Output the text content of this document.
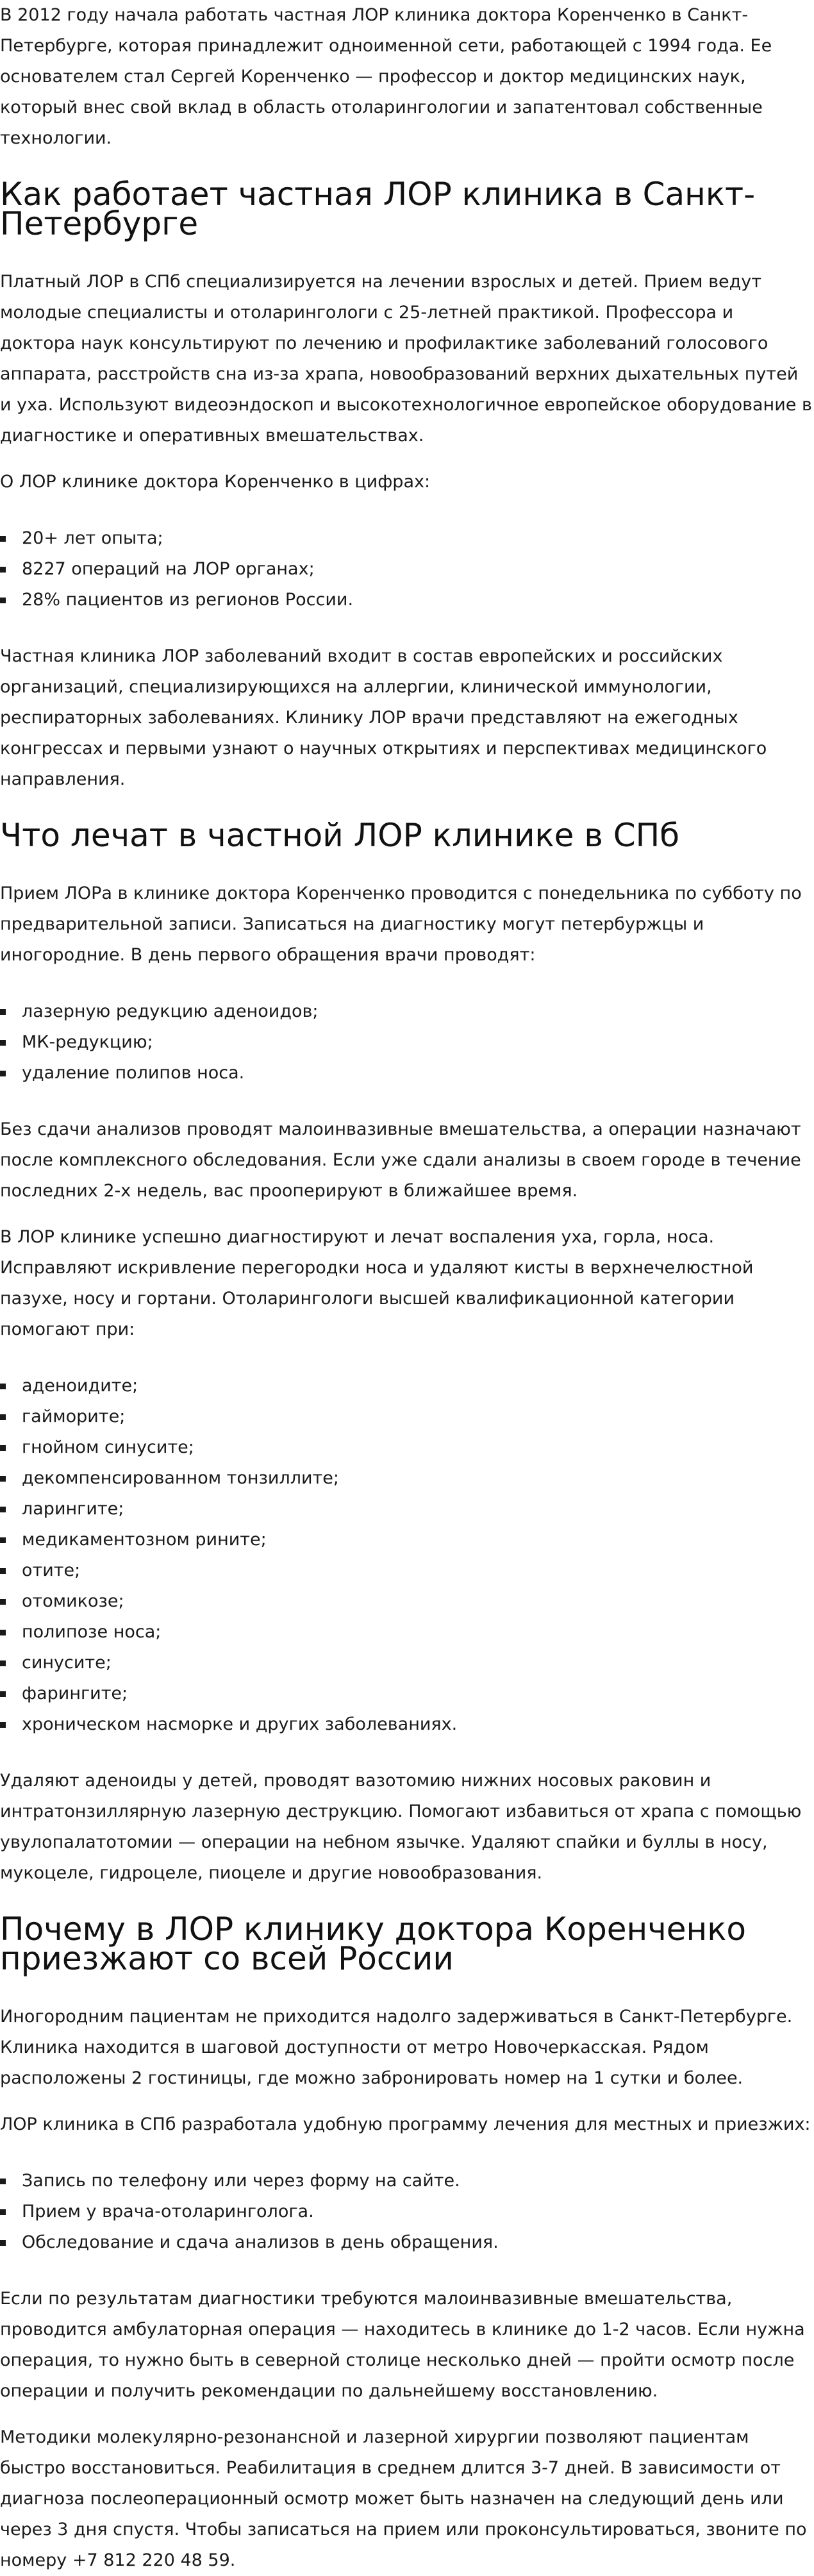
В 2012 году начала работать частная ЛОР клиника доктора Коренченко в Санкт-Петербурге, которая принадлежит одноименной сети, работающей с 1994 года. Ее основателем стал Сергей Коренченко — профессор и доктор медицинских наук, который внес свой вклад в область отоларингологии и запатентовал собственные технологии.

Как работает частная ЛОР клиника в Санкт-Петербурге

Платный ЛОР в СПб специализируется на лечении взрослых и детей. Прием ведут молодые специалисты и отоларингологи с 25-летней практикой. Профессора и доктора наук консультируют по лечению и профилактике заболеваний голосового аппарата, расстройств сна из-за храпа, новообразований верхних дыхательных путей и уха. Используют видеоэндоскоп и высокотехнологичное европейское оборудование в диагностике и оперативных вмешательствах.

О ЛОР клинике доктора Коренченко в цифрах:

20+ лет опыта;
8227 операций на ЛОР органах;
28% пациентов из регионов России.

Частная клиника ЛОР заболеваний входит в состав европейских и российских организаций, специализирующихся на аллергии, клинической иммунологии, респираторных заболеваниях. Клинику ЛОР врачи представляют на ежегодных конгрессах и первыми узнают о научных открытиях и перспективах медицинского направления.

Что лечат в частной ЛОР клинике в СПб

Прием ЛОРа в клинике доктора Коренченко проводится с понедельника по субботу по предварительной записи. Записаться на диагностику могут петербуржцы и иногородние. В день первого обращения врачи проводят:

лазерную редукцию аденоидов;
МК-редукцию;
удаление полипов носа.

Без сдачи анализов проводят малоинвазивные вмешательства, а операции назначают после комплексного обследования. Если уже сдали анализы в своем городе в течение последних 2-х недель, вас прооперируют в ближайшее время.

В ЛОР клинике успешно диагностируют и лечат воспаления уха, горла, носа. Исправляют искривление перегородки носа и удаляют кисты в верхнечелюстной пазухе, носу и гортани. Отоларингологи высшей квалификационной категории помогают при:

аденоидите;
гайморите;
гнойном синусите;
декомпенсированном тонзиллите;
ларингите;
медикаментозном рините;
отите;
отомикозе;
полипозе носа;
синусите;
фарингите;
хроническом насморке и других заболеваниях.

Удаляют аденоиды у детей, проводят вазотомию нижних носовых раковин и интратонзиллярную лазерную деструкцию. Помогают избавиться от храпа с помощью увулопалатотомии — операции на небном язычке. Удаляют спайки и буллы в носу, мукоцеле, гидроцеле, пиоцеле и другие новообразования.

Почему в ЛОР клинику доктора Коренченко приезжают со всей России

Иногородним пациентам не приходится надолго задерживаться в Санкт-Петербурге. Клиника находится в шаговой доступности от метро Новочеркасская. Рядом расположены 2 гостиницы, где можно забронировать номер на 1 сутки и более.

ЛОР клиника в СПб разработала удобную программу лечения для местных и приезжих:

Запись по телефону или через форму на сайте.
Прием у врача-отоларинголога.
Обследование и сдача анализов в день обращения.

Если по результатам диагностики требуются малоинвазивные вмешательства, проводится амбулаторная операция — находитесь в клинике до 1-2 часов. Если нужна операция, то нужно быть в северной столице несколько дней — пройти осмотр после операции и получить рекомендации по дальнейшему восстановлению.

Методики молекулярно-резонансной и лазерной хирургии позволяют пациентам быстро восстановиться. Реабилитация в среднем длится 3-7 дней. В зависимости от диагноза послеоперационный осмотр может быть назначен на следующий день или через 3 дня спустя. Чтобы записаться на прием или проконсультироваться, звоните по номеру +7 812 220 48 59.
